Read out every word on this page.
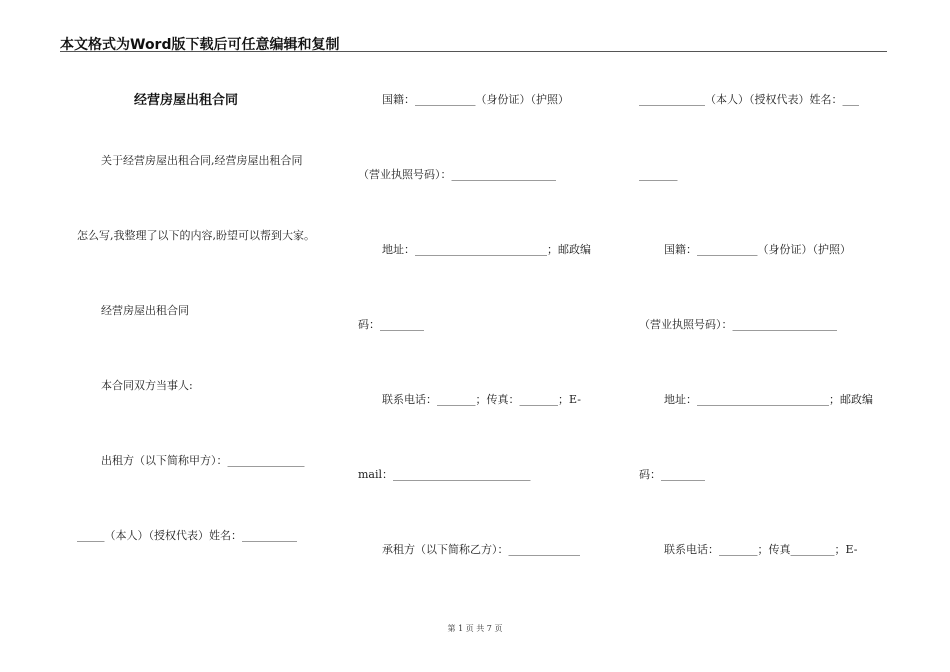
本文格式为Word版下载后可任意编辑和复制
经营房屋出租合同
关于经营房屋出租合同,经营房屋出租合同
怎么写,我整理了以下的内容,盼望可以帮到大家。
经营房屋出租合同
本合同双方当事人:
出租方（以下简称甲方）：______________
_____（本人）（授权代表）姓名：__________
国籍：___________（身份证）（护照）
（营业执照号码）：___________________
地址：________________________；邮政编
码：________
联系电话：_______；传真：_______；E-
mail：_________________________
承租方（以下简称乙方）：_____________
____________（本人）（授权代表）姓名：___
_______
国籍：___________（身份证）（护照）
（营业执照号码）：___________________
地址：________________________；邮政编
码：________
联系电话：_______；传真________；E-
第 1 页 共 7 页
